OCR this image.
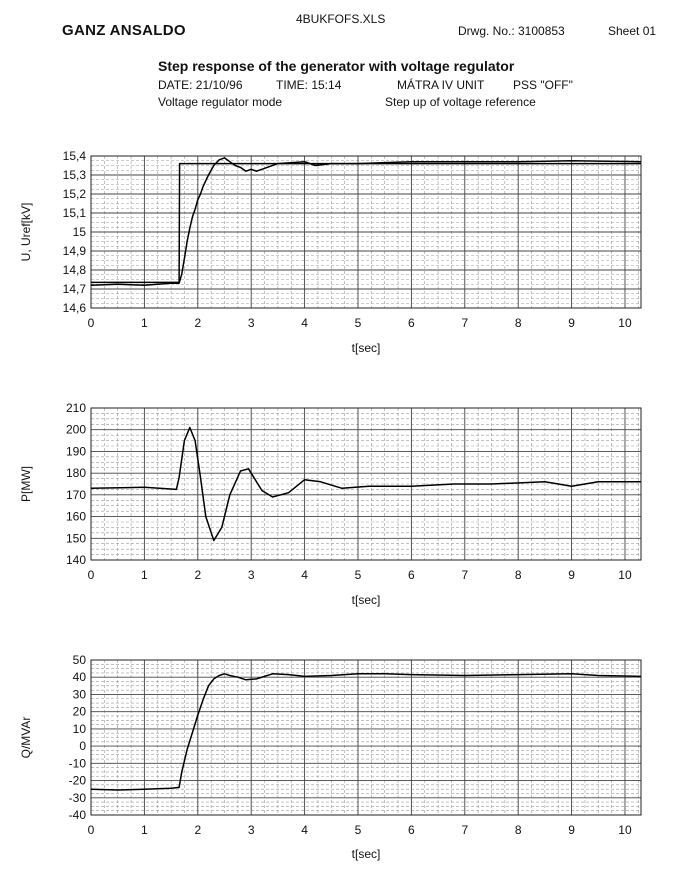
GANZ ANSALDO
4BUKFOFS.XLS
Drwg. No.: 3100853	Sheet 01
Step response of the generator with voltage regulator
DATE: 21/10/96	TIME: 15:14	MÁTRA IV UNIT PSS "OFF"
Voltage regulator mode	Step up of voltage reference
14,6
14,7
14,8
14,9
15
15,1
15,2
15,3
15,4
0	1	2	3	4	5	6	7	8	9	10
t[sec]
U, Uref[kV]
140
150
160
170
180
190
200
210
0	1	2	3	4	5	6	7	8	9	10
t[sec]
P[MW]
-40
-30
-20
-10
0
10
20
30
40
50
0	1	2	3	4	5	6	7	8	9	10
t[sec]
Q/MVAr
